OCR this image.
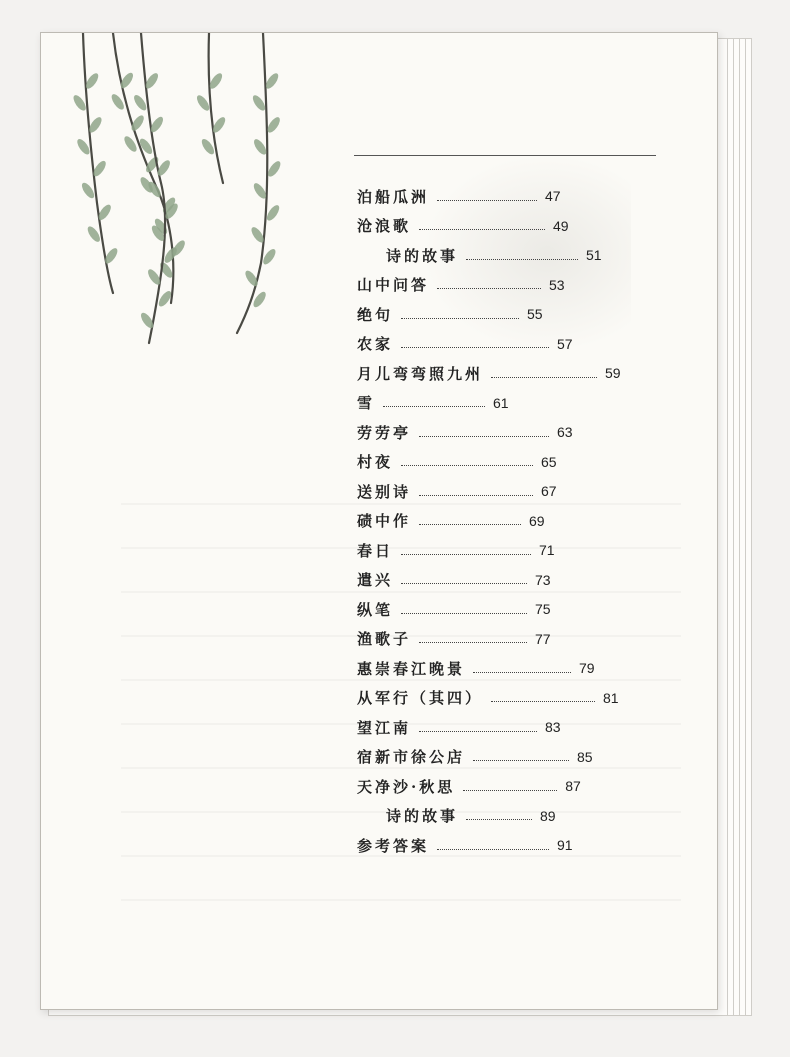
泊船瓜洲	47
沧浪歌	49
诗的故事	51
山中问答	53
绝句	55
农家	57
月儿弯弯照九州	59
雪	61
劳劳亭	63
村夜	65
送别诗	67
碛中作	69
春日	71
遣兴	73
纵笔	75
渔歌子	77
惠崇春江晚景	79
从军行（其四）	81
望江南	83
宿新市徐公店	85
天净沙·秋思	87
诗的故事	89
参考答案	91
